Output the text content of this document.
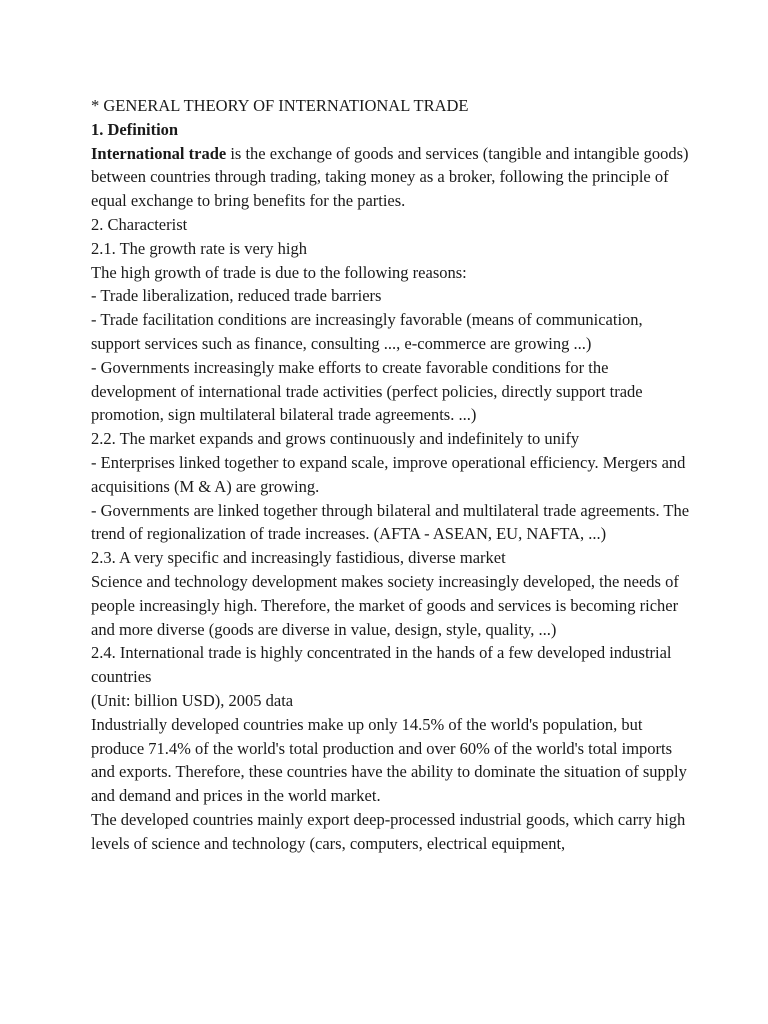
* GENERAL THEORY OF INTERNATIONAL TRADE
1. Definition
International trade is the exchange of goods and services (tangible and intangible goods) between countries through trading, taking money as a broker, following the principle of equal exchange to bring benefits for the parties.
2. Characterist
2.1. The growth rate is very high
The high growth of trade is due to the following reasons:
- Trade liberalization, reduced trade barriers
- Trade facilitation conditions are increasingly favorable (means of communication, support services such as finance, consulting ..., e-commerce are growing ...)
- Governments increasingly make efforts to create favorable conditions for the development of international trade activities (perfect policies, directly support trade promotion, sign multilateral bilateral trade agreements. ...)
2.2. The market expands and grows continuously and indefinitely to unify
- Enterprises linked together to expand scale, improve operational efficiency. Mergers and acquisitions (M & A) are growing.
- Governments are linked together through bilateral and multilateral trade agreements. The trend of regionalization of trade increases. (AFTA - ASEAN, EU, NAFTA, ...)
2.3. A very specific and increasingly fastidious, diverse market
Science and technology development makes society increasingly developed, the needs of people increasingly high. Therefore, the market of goods and services is becoming richer and more diverse (goods are diverse in value, design, style, quality, ...)
2.4. International trade is highly concentrated in the hands of a few developed industrial countries
(Unit: billion USD), 2005 data
Industrially developed countries make up only 14.5% of the world's population, but produce 71.4% of the world's total production and over 60% of the world's total imports and exports. Therefore, these countries have the ability to dominate the situation of supply and demand and prices in the world market.
The developed countries mainly export deep-processed industrial goods, which carry high levels of science and technology (cars, computers, electrical equipment,
